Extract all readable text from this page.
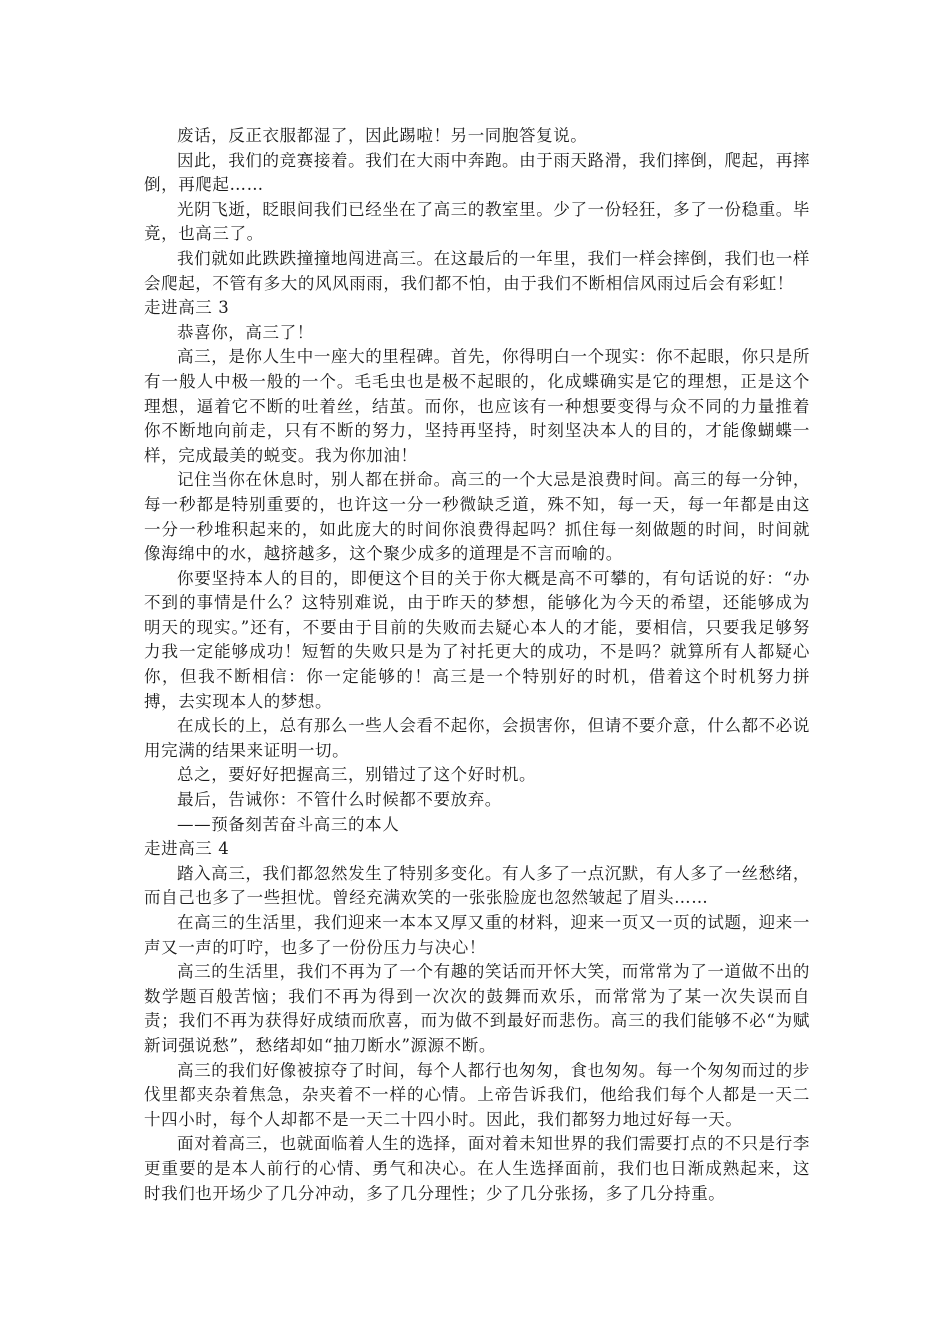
废话，反正衣服都湿了，因此踢啦！另一同胞答复说。

因此，我们的竞赛接着。我们在大雨中奔跑。由于雨天路滑，我们摔倒，爬起，再摔倒，再爬起……

光阴飞逝，眨眼间我们已经坐在了高三的教室里。少了一份轻狂，多了一份稳重。毕竟，也高三了。

我们就如此跌跌撞撞地闯进高三。在这最后的一年里，我们一样会摔倒，我们也一样会爬起，不管有多大的风风雨雨，我们都不怕，由于我们不断相信风雨过后会有彩虹！

走进高三 3

恭喜你，高三了！

高三，是你人生中一座大的里程碑。首先，你得明白一个现实：你不起眼，你只是所有一般人中极一般的一个。毛毛虫也是极不起眼的，化成蝶确实是它的理想，正是这个理想，逼着它不断的吐着丝，结茧。而你，也应该有一种想要变得与众不同的力量推着你不断地向前走，只有不断的努力，坚持再坚持，时刻坚决本人的目的，才能像蝴蝶一样，完成最美的蜕变。我为你加油！

记住当你在休息时，别人都在拼命。高三的一个大忌是浪费时间。高三的每一分钟，每一秒都是特别重要的，也许这一分一秒微缺乏道，殊不知，每一天，每一年都是由这一分一秒堆积起来的，如此庞大的时间你浪费得起吗？抓住每一刻做题的时间，时间就像海绵中的水，越挤越多，这个聚少成多的道理是不言而喻的。

你要坚持本人的目的，即便这个目的关于你大概是高不可攀的，有句话说的好：“办不到的事情是什么？这特别难说，由于昨天的梦想，能够化为今天的希望，还能够成为明天的现实。”还有，不要由于目前的失败而去疑心本人的才能，要相信，只要我足够努力我一定能够成功！短暂的失败只是为了衬托更大的成功，不是吗？就算所有人都疑心你，但我不断相信：你一定能够的！高三是一个特别好的时机，借着这个时机努力拼搏，去实现本人的梦想。

在成长的上，总有那么一些人会看不起你，会损害你，但请不要介意，什么都不必说用完满的结果来证明一切。

总之，要好好把握高三，别错过了这个好时机。

最后，告诫你：不管什么时候都不要放弃。

——预备刻苦奋斗高三的本人

走进高三 4

踏入高三，我们都忽然发生了特别多变化。有人多了一点沉默，有人多了一丝愁绪，而自己也多了一些担忧。曾经充满欢笑的一张张脸庞也忽然皱起了眉头……

在高三的生活里，我们迎来一本本又厚又重的材料，迎来一页又一页的试题，迎来一声又一声的叮咛，也多了一份份压力与决心！

高三的生活里，我们不再为了一个有趣的笑话而开怀大笑，而常常为了一道做不出的数学题百般苦恼；我们不再为得到一次次的鼓舞而欢乐，而常常为了某一次失误而自责；我们不再为获得好成绩而欣喜，而为做不到最好而悲伤。高三的我们能够不必“为赋新词强说愁”，愁绪却如“抽刀断水”源源不断。

高三的我们好像被掠夺了时间，每个人都行也匆匆，食也匆匆。每一个匆匆而过的步伐里都夹杂着焦急，杂夹着不一样的心情。上帝告诉我们，他给我们每个人都是一天二十四小时，每个人却都不是一天二十四小时。因此，我们都努力地过好每一天。

面对着高三，也就面临着人生的选择，面对着未知世界的我们需要打点的不只是行李更重要的是本人前行的心情、勇气和决心。在人生选择面前，我们也日渐成熟起来，这时我们也开场少了几分冲动，多了几分理性；少了几分张扬，多了几分持重。
